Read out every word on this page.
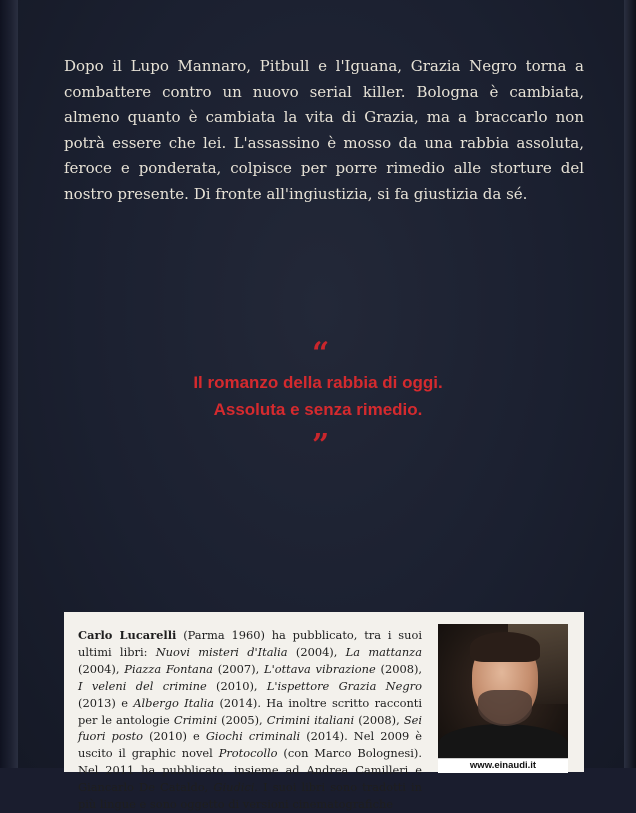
Dopo il Lupo Mannaro, Pitbull e l'Iguana, Grazia Negro torna a combattere contro un nuovo serial killer. Bologna è cambiata, almeno quanto è cambiata la vita di Grazia, ma a braccarlo non potrà essere che lei. L'assassino è mosso da una rabbia assoluta, feroce e ponderata, colpisce per porre rimedio alle storture del nostro presente. Di fronte all'ingiustizia, si fa giustizia da sé.

“

Il romanzo della rabbia di oggi.
Assoluta e senza rimedio.

”

Carlo Lucarelli (Parma 1960) ha pubblicato, tra i suoi ultimi libri: Nuovi misteri d'Italia (2004), La mattanza (2004), Piazza Fontana (2007), L'ottava vibrazione (2008), I veleni del crimine (2010), L'ispettore Grazia Negro (2013) e Albergo Italia (2014). Ha inoltre scritto racconti per le antologie Crimini (2005), Crimini italiani (2008), Sei fuori posto (2010) e Giochi criminali (2014). Nel 2009 è uscito il graphic novel Protocollo (con Marco Bolognesi). Nel 2011 ha pubblicato, insieme ad Andrea Camilleri e Giancarlo De Cataldo, Giudici. I suoi libri sono tradotti in più lingue e sono oggetto di versioni cinematografiche

www.einaudi.it
